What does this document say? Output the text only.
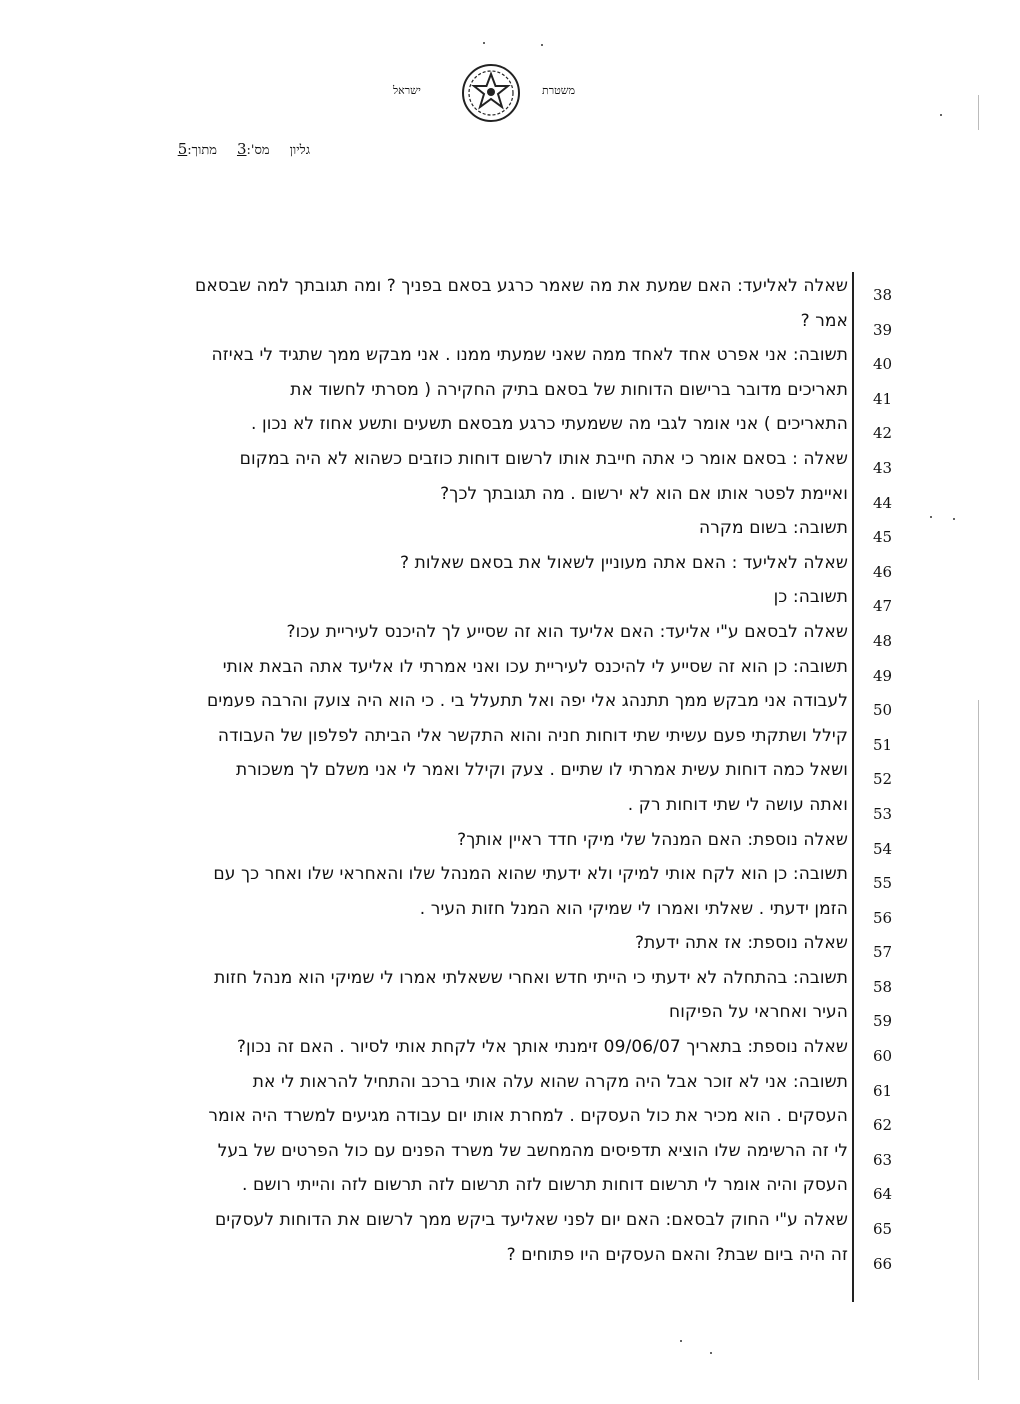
ישראל	משטרת
גליון
מס':3
מתוך:5
שאלה לאליעד: האם שמעת את מה שאמר כרגע בסאם בפניך ? ומה תגובתך למה שבסאם 38
אמר ? 39
תשובה: אני אפרט אחד לאחד ממה שאני שמעתי ממנו . אני מבקש ממך שתגיד לי באיזה 40
תאריכים מדובר ברישום הדוחות של בסאם בתיק החקירה ( מסרתי לחשוד את 41
התאריכים ) אני אומר לגבי מה ששמעתי כרגע מבסאם תשעים ותשע אחוז לא נכון . 42
שאלה : בסאם אומר כי אתה חייבת אותו לרשום דוחות כוזבים כשהוא לא היה במקום 43
ואיימת לפטר אותו אם הוא לא ירשום . מה תגובתך לכך? 44
תשובה: בשום מקרה 45
שאלה לאליעד : האם אתה מעוניין לשאול את בסאם שאלות ? 46
תשובה: כן 47
שאלה לבסאם ע"י אליעד: האם אליעד הוא זה שסייע לך להיכנס לעיריית עכו? 48
תשובה: כן הוא זה שסייע לי להיכנס לעיריית עכו ואני אמרתי לו אליעד אתה הבאת אותי 49
לעבודה אני מבקש ממך תתנהג אלי יפה ואל תתעלל בי . כי הוא היה צועק והרבה פעמים 50
קילל ושתקתי פעם עשיתי שתי דוחות חניה והוא התקשר אלי הביתה לפלפון של העבודה 51
ושאל כמה דוחות עשית אמרתי לו שתיים . צעק וקילל ואמר לי אני משלם לך משכורת 52
ואתה עושה לי שתי דוחות רק . 53
שאלה נוספת: האם המנהל שלי מיקי חדד ראיין אותך? 54
תשובה: כן הוא לקח אותי למיקי ולא ידעתי שהוא המנהל שלו והאחראי שלו ואחר כך עם 55
הזמן ידעתי . שאלתי ואמרו לי שמיקי הוא המנל חזות העיר . 56
שאלה נוספת: אז אתה ידעת? 57
תשובה: בהתחלה לא ידעתי כי הייתי חדש ואחרי ששאלתי אמרו לי שמיקי הוא מנהל חזות 58
העיר ואחראי על הפיקוח 59
שאלה נוספת: בתאריך 09/06/07 זימנתי אותך אלי לקחת אותי לסיור . האם זה נכון? 60
תשובה: אני לא זוכר אבל היה מקרה שהוא עלה אותי ברכב והתחיל להראות לי את 61
העסקים . הוא מכיר את כול העסקים . למחרת אותו יום עבודה מגיעים למשרד היה אומר 62
לי זה הרשימה שלו הוציא תדפיסים מהמחשב של משרד הפנים עם כול הפרטים של בעל 63
העסק והיה אומר לי תרשום דוחות תרשום לזה תרשום לזה תרשום לזה והייתי רושם . 64
שאלה ע"י החוק לבסאם: האם יום לפני שאליעד ביקש ממך לרשום את הדוחות לעסקים 65
זה היה ביום שבת? והאם העסקים היו פתוחים ? 66
